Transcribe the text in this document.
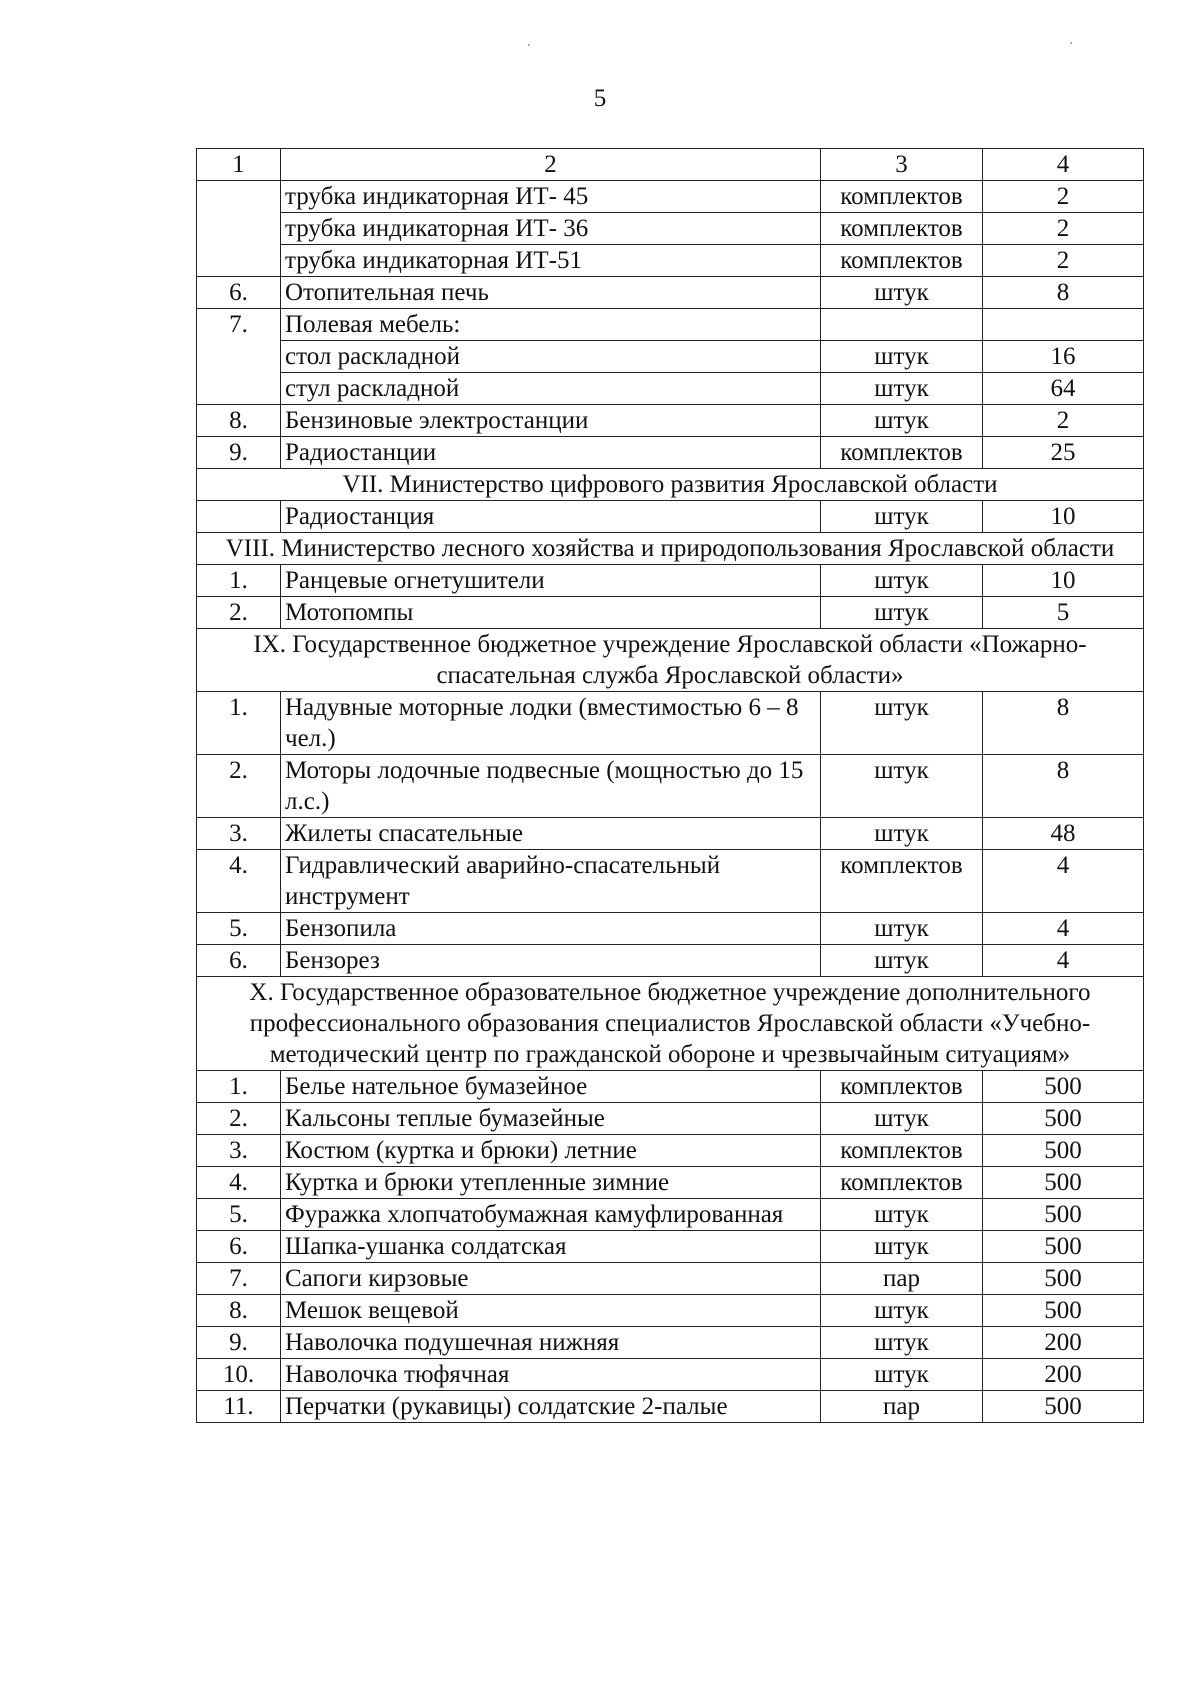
5
1	2	3	4
	трубка индикаторная ИТ- 45	комплектов	2
	трубка индикаторная ИТ- 36	комплектов	2
	трубка индикаторная ИТ-51	комплектов	2
6.	Отопительная печь	штук	8
7.	Полевая мебель:		
	стол раскладной	штук	16
	стул раскладной	штук	64
8.	Бензиновые электростанции	штук	2
9.	Радиостанции	комплектов	25
VII. Министерство цифрового развития Ярославской области			
	Радиостанция	штук	10
VIII. Министерство лесного хозяйства и природопользования Ярославской области			
1.	Ранцевые огнетушители	штук	10
2.	Мотопомпы	штук	5
IX. Государственное бюджетное учреждение Ярославской области «Пожарно-спасательная служба Ярославской области»			
1.	Надувные моторные лодки (вместимостью 6 – 8 чел.)	штук	8
2.	Моторы лодочные подвесные (мощностью до 15 л.с.)	штук	8
3.	Жилеты спасательные	штук	48
4.	Гидравлический аварийно-спасательный инструмент	комплектов	4
5.	Бензопила	штук	4
6.	Бензорез	штук	4
X. Государственное образовательное бюджетное учреждение дополнительного профессионального образования специалистов Ярославской области «Учебно-методический центр по гражданской обороне и чрезвычайным ситуациям»			
1.	Белье нательное бумазейное	комплектов	500
2.	Кальсоны теплые бумазейные	штук	500
3.	Костюм (куртка и брюки) летние	комплектов	500
4.	Куртка и брюки утепленные зимние	комплектов	500
5.	Фуражка хлопчатобумажная камуфлированная	штук	500
6.	Шапка-ушанка солдатская	штук	500
7.	Сапоги кирзовые	пар	500
8.	Мешок вещевой	штук	500
9.	Наволочка подушечная нижняя	штук	200
10.	Наволочка тюфячная	штук	200
11.	Перчатки (рукавицы) солдатские 2-палые	пар	500
